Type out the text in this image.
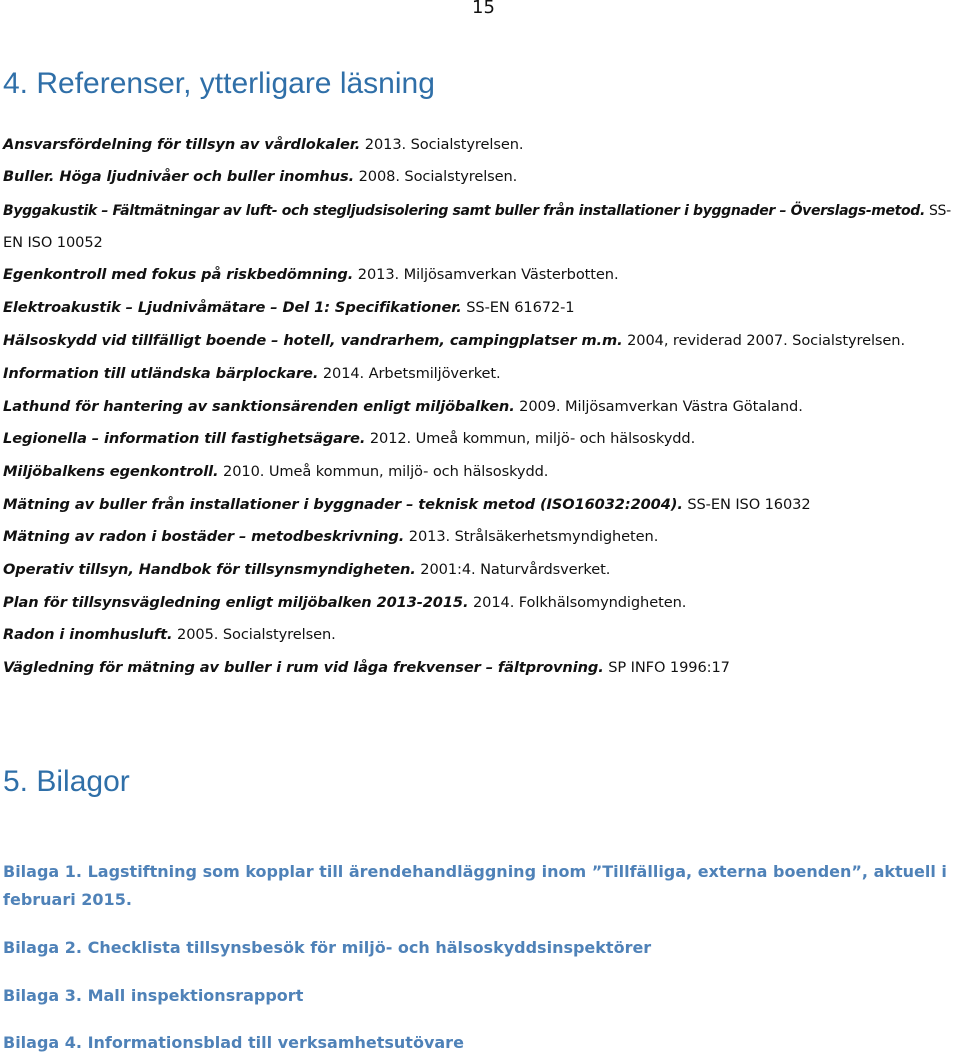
15
4. Referenser, ytterligare läsning
Ansvarsfördelning för tillsyn av vårdlokaler. 2013. Socialstyrelsen.
Buller. Höga ljudnivåer och buller inomhus. 2008. Socialstyrelsen.
Byggakustik – Fältmätningar av luft- och stegljudsisolering samt buller från installationer i byggnader – Överslags-metod. SS-
EN ISO 10052
Egenkontroll med fokus på riskbedömning. 2013. Miljösamverkan Västerbotten.
Elektroakustik – Ljudnivåmätare – Del 1: Specifikationer. SS-EN 61672-1
Hälsoskydd vid tillfälligt boende – hotell, vandrarhem, campingplatser m.m. 2004, reviderad 2007. Socialstyrelsen.
Information till utländska bärplockare. 2014. Arbetsmiljöverket.
Lathund för hantering av sanktionsärenden enligt miljöbalken. 2009. Miljösamverkan Västra Götaland.
Legionella – information till fastighetsägare. 2012. Umeå kommun, miljö- och hälsoskydd.
Miljöbalkens egenkontroll. 2010. Umeå kommun, miljö- och hälsoskydd.
Mätning av buller från installationer i byggnader – teknisk metod (ISO16032:2004). SS-EN ISO 16032
Mätning av radon i bostäder – metodbeskrivning. 2013. Strålsäkerhetsmyndigheten.
Operativ tillsyn, Handbok för tillsynsmyndigheten. 2001:4. Naturvårdsverket.
Plan för tillsynsvägledning enligt miljöbalken 2013-2015. 2014. Folkhälsomyndigheten.
Radon i inomhusluft. 2005. Socialstyrelsen.
Vägledning för mätning av buller i rum vid låga frekvenser – fältprovning. SP INFO 1996:17
5. Bilagor
Bilaga 1. Lagstiftning som kopplar till ärendehandläggning inom ”Tillfälliga, externa boenden”, aktuell i februari 2015.
Bilaga 2. Checklista tillsynsbesök för miljö- och hälsoskyddsinspektörer
Bilaga 3. Mall inspektionsrapport
Bilaga 4. Informationsblad till verksamhetsutövare
